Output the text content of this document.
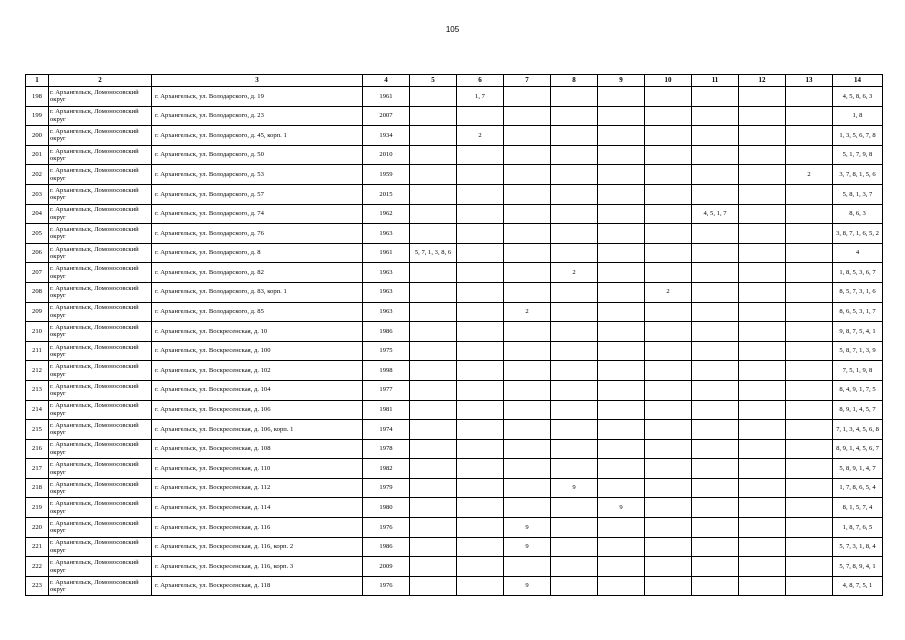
105
1	2	3	4	5	6	7	8	9	10	11	12	13	14
198	г. Архангельск, Ломоносовский округ	г. Архангельск, ул. Володарского, д. 19	1961		1, 7								4, 5, 8, 6, 3
199	г. Архангельск, Ломоносовский округ	г. Архангельск, ул. Володарского, д. 23	2007										1, 8
200	г. Архангельск, Ломоносовский округ	г. Архангельск, ул. Володарского, д. 45, корп. 1	1934		2								1, 3, 5, 6, 7, 8
201	г. Архангельск, Ломоносовский округ	г. Архангельск, ул. Володарского, д. 50	2010										5, 1, 7, 9, 8
202	г. Архангельск, Ломоносовский округ	г. Архангельск, ул. Володарского, д. 53	1959									2	3, 7, 8, 1, 5, 6
203	г. Архангельск, Ломоносовский округ	г. Архангельск, ул. Володарского, д. 57	2015										5, 8, 1, 3, 7
204	г. Архангельск, Ломоносовский округ	г. Архангельск, ул. Володарского, д. 74	1962							4, 5, 1, 7			8, 6, 3
205	г. Архангельск, Ломоносовский округ	г. Архангельск, ул. Володарского, д. 76	1963										3, 8, 7, 1, 6, 5, 2
206	г. Архангельск, Ломоносовский округ	г. Архангельск, ул. Володарского, д. 8	1961	5, 7, 1, 3, 8, 6									4
207	г. Архангельск, Ломоносовский округ	г. Архангельск, ул. Володарского, д. 82	1963				2						1, 8, 5, 3, 6, 7
208	г. Архангельск, Ломоносовский округ	г. Архангельск, ул. Володарского, д. 83, корп. 1	1963						2				8, 5, 7, 3, 1, 6
209	г. Архангельск, Ломоносовский округ	г. Архангельск, ул. Володарского, д. 85	1963			2							8, 6, 5, 3, 1, 7
210	г. Архангельск, Ломоносовский округ	г. Архангельск, ул. Воскресенская, д. 10	1986										9, 8, 7, 5, 4, 1
211	г. Архангельск, Ломоносовский округ	г. Архангельск, ул. Воскресенская, д. 100	1975										5, 8, 7, 1, 3, 9
212	г. Архангельск, Ломоносовский округ	г. Архангельск, ул. Воскресенская, д. 102	1998										7, 5, 1, 9, 8
213	г. Архангельск, Ломоносовский округ	г. Архангельск, ул. Воскресенская, д. 104	1977										8, 4, 9, 1, 7, 5
214	г. Архангельск, Ломоносовский округ	г. Архангельск, ул. Воскресенская, д. 106	1981										8, 9, 1, 4, 5, 7
215	г. Архангельск, Ломоносовский округ	г. Архангельск, ул. Воскресенская, д. 106, корп. 1	1974										7, 1, 3, 4, 5, 6, 8
216	г. Архангельск, Ломоносовский округ	г. Архангельск, ул. Воскресенская, д. 108	1978										8, 9, 1, 4, 5, 6, 7
217	г. Архангельск, Ломоносовский округ	г. Архангельск, ул. Воскресенская, д. 110	1982										5, 8, 9, 1, 4, 7
218	г. Архангельск, Ломоносовский округ	г. Архангельск, ул. Воскресенская, д. 112	1979				9						1, 7, 8, 6, 5, 4
219	г. Архангельск, Ломоносовский округ	г. Архангельск, ул. Воскресенская, д. 114	1980					9					8, 1, 5, 7, 4
220	г. Архангельск, Ломоносовский округ	г. Архангельск, ул. Воскресенская, д. 116	1976			9							1, 8, 7, 6, 5
221	г. Архангельск, Ломоносовский округ	г. Архангельск, ул. Воскресенская, д. 116, корп. 2	1986			9							5, 7, 3, 1, 8, 4
222	г. Архангельск, Ломоносовский округ	г. Архангельск, ул. Воскресенская, д. 116, корп. 3	2009										5, 7, 8, 9, 4, 1
223	г. Архангельск, Ломоносовский округ	г. Архангельск, ул. Воскресенская, д. 118	1976			9							4, 8, 7, 5, 1
